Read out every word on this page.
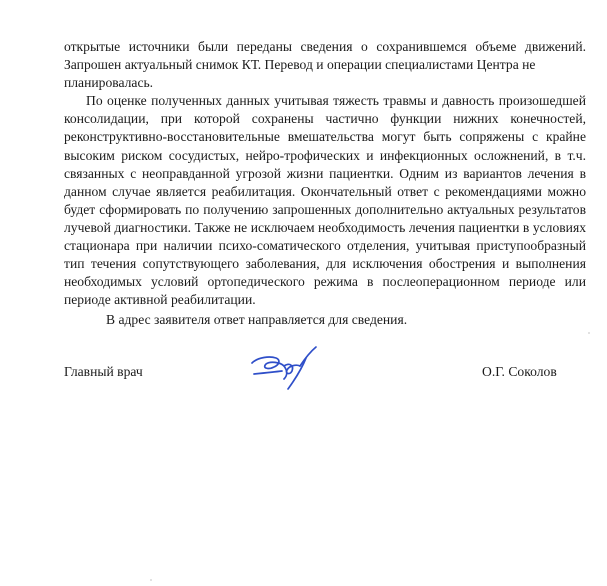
открытые источники были переданы сведения о сохранившемся объеме движений. Запрошен актуальный снимок КТ. Перевод и операции специалистами Центра не
планировалась.

По оценке полученных данных учитывая тяжесть травмы и давность произошедшей консолидации, при которой сохранены частично функции нижних конечностей, реконструктивно-восстановительные вмешательства могут быть сопряжены с крайне высоким риском сосудистых, нейро-трофических и инфекционных осложнений, в т.ч. связанных с неоправданной угрозой жизни пациентки. Одним из вариантов лечения в данном случае является реабилитация. Окончательный ответ с рекомендациями можно будет сформировать по получению запрошенных дополнительно актуальных результатов лучевой диагностики. Также не исключаем необходимость лечения пациентки в условиях стационара при наличии психо-соматического отделения, учитывая приступообразный тип течения сопутствующего заболевания, для исключения обострения и выполнения необходимых условий ортопедического режима в послеоперационном периоде или периоде активной реабилитации.

В адрес заявителя ответ направляется для сведения.

Главный врач	О.Г. Соколов
